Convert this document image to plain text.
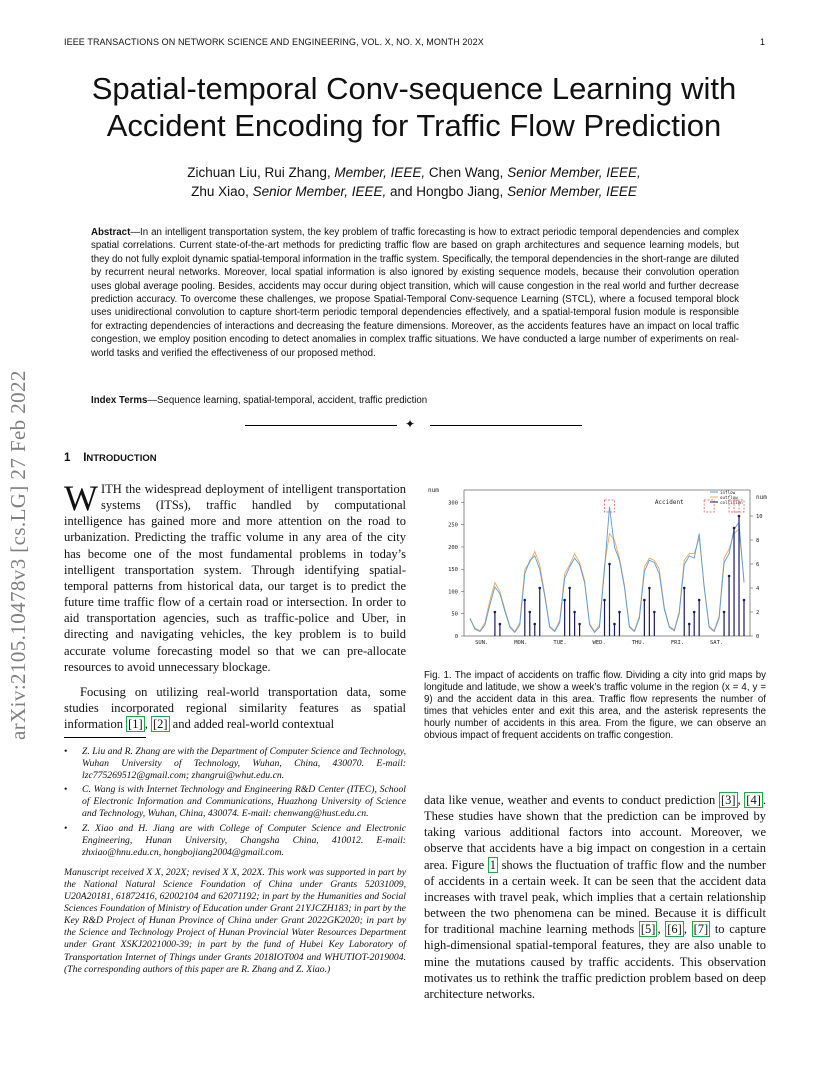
IEEE TRANSACTIONS ON NETWORK SCIENCE AND ENGINEERING, VOL. X, NO. X, MONTH 202X	1
Spatial-temporal Conv-sequence Learning with Accident Encoding for Traffic Flow Prediction
Zichuan Liu, Rui Zhang, Member, IEEE, Chen Wang, Senior Member, IEEE,
Zhu Xiao, Senior Member, IEEE, and Hongbo Jiang, Senior Member, IEEE
Abstract—In an intelligent transportation system, the key problem of traffic forecasting is how to extract periodic temporal dependencies and complex spatial correlations. Current state-of-the-art methods for predicting traffic flow are based on graph architectures and sequence learning models, but they do not fully exploit dynamic spatial-temporal information in the traffic system. Specifically, the temporal dependencies in the short-range are diluted by recurrent neural networks. Moreover, local spatial information is also ignored by existing sequence models, because their convolution operation uses global average pooling. Besides, accidents may occur during object transition, which will cause congestion in the real world and further decrease prediction accuracy. To overcome these challenges, we propose Spatial-Temporal Conv-sequence Learning (STCL), where a focused temporal block uses unidirectional convolution to capture short-term periodic temporal dependencies effectively, and a spatial-temporal fusion module is responsible for extracting dependencies of interactions and decreasing the feature dimensions. Moreover, as the accidents features have an impact on local traffic congestion, we employ position encoding to detect anomalies in complex traffic situations. We have conducted a large number of experiments on real-world tasks and verified the effectiveness of our proposed method.
Index Terms—Sequence learning, spatial-temporal, accident, traffic prediction
✦
arXiv:2105.10478v3 [cs.LG] 27 Feb 2022	1 INTRODUCTION
WITH the widespread deployment of intelligent transportation systems (ITSs), traffic handled by computational intelligence has gained more and more attention on the road to urbanization. Predicting the traffic volume in any area of the city has become one of the most fundamental problems in today’s intelligent transportation system. Through identifying spatial-temporal patterns from historical data, our target is to predict the future time traffic flow of a certain road or intersection. In order to aid transportation agencies, such as traffic-police and Uber, in directing and navigating vehicles, the key problem is to build accurate volume forecasting model so that we can pre-allocate resources to avoid unnecessary blockage.
Focusing on utilizing real-world transportation data, some studies incorporated regional similarity features as spatial information [1] , [2] and added real-world contextual
• Z. Liu and R. Zhang are with the Department of Computer Science and Technology, Wuhan University of Technology, Wuhan, China, 430070. E-mail: lzc775269512@gmail.com; zhangrui@whut.edu.cn.
• C. Wang is with Internet Technology and Engineering R&D Center (ITEC), School of Electronic Information and Communications, Huazhong University of Science and Technology, Wuhan, China, 430074. E-mail: chenwang@hust.edu.cn.
• Z. Xiao and H. Jiang are with College of Computer Science and Electronic Engineering, Hunan University, Changsha China, 410012. E-mail: zhxiao@hnu.edu.cn, hongbojiang2004@gmail.com.
Manuscript received X X, 202X; revised X X, 202X. This work was supported in part by the National Natural Science Foundation of China under Grants 52031009, U20A20181, 61872416, 62002104 and 62071192; in part by the Humanities and Social Sciences Foundation of Ministry of Education under Grant 21YJCZH183; in part by the Key R&D Project of Hunan Province of China under Grant 2022GK2020; in part by the Science and Technology Project of Hunan Provincial Water Resources Department under Grant XSKJ2021000-39; in part by the fund of Hubei Key Laboratory of Transportation Internet of Things under Grants 2018IOT004 and WHUTIOT-2019004. (The corresponding authors of this paper are R. Zhang and Z. Xiao.)
0
50
100
150
200
250
300
0
2
4
6
8
10
num
num
SUN.	MON.	TUE.	WED.	THU.	FRI.	SAT.
Accident
inflow
outflow
collision
Fig. 1. The impact of accidents on traffic flow. Dividing a city into grid maps by longitude and latitude, we show a week’s traffic volume in the region (x = 4, y = 9) and the accident data in this area. Traffic flow represents the number of times that vehicles enter and exit this area, and the asterisk represents the hourly number of accidents in this area. From the figure, we can observe an obvious impact of frequent accidents on traffic congestion.
data like venue, weather and events to conduct prediction [3] , [4] . These studies have shown that the prediction can be improved by taking various additional factors into account. Moreover, we observe that accidents have a big impact on congestion in a certain area. Figure 1 shows the fluctuation of traffic flow and the number of accidents in a certain week. It can be seen that the accident data increases with travel peak, which implies that a certain relationship between the two phenomena can be mined. Because it is difficult for traditional machine learning methods [5] , [6] , [7] to capture high-dimensional spatial-temporal features, they are also unable to mine the mutations caused by traffic accidents. This observation motivates us to rethink the traffic prediction problem based on deep architecture networks.
